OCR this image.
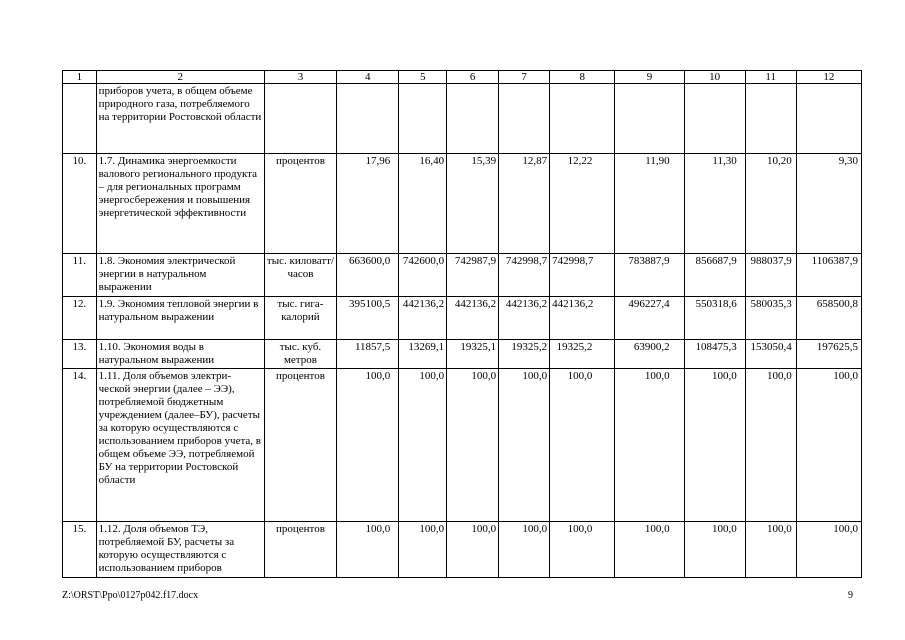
1	2	3	4	5	6	7	8	9	10	11	12
	приборов учета, в общем объеме природного газа, потребляемого на территории Ростовской области										
10.	1.7. Динамика энергоемкости валового регионального продукта – для региональных программ энергосбережения и повышения энергетической эффективности	процентов	17,96	16,40	15,39	12,87	12,22	11,90	11,30	10,20	9,30
11.	1.8. Экономия электрической энергии в натуральном выражении	тыс. киловатт/ часов	663600,0	742600,0	742987,9	742998,7	742998,7	783887,9	856687,9	988037,9	1106387,9
12.	1.9. Экономия тепловой энергии в натуральном выражении	тыс. гига- калорий	395100,5	442136,2	442136,2	442136,2	442136,2	496227,4	550318,6	580035,3	658500,8
13.	1.10. Экономия воды в натуральном выражении	тыс. куб. метров	11857,5	13269,1	19325,1	19325,2	19325,2	63900,2	108475,3	153050,4	197625,5
14.	1.11. Доля объемов электри- ческой энергии (далее – ЭЭ), потребляемой бюджетным учреждением (далее–БУ), расчеты за которую осуществляются с использованием приборов учета, в общем объеме ЭЭ, потребляемой БУ на территории Ростовской области	процентов	100,0	100,0	100,0	100,0	100,0	100,0	100,0	100,0	100,0
15.	1.12. Доля объемов ТЭ, потребляемой БУ, расчеты за которую осуществляются с использованием приборов	процентов	100,0	100,0	100,0	100,0	100,0	100,0	100,0	100,0	100,0
Z:\ORST\Ppo\0127p042.f17.docx	9
